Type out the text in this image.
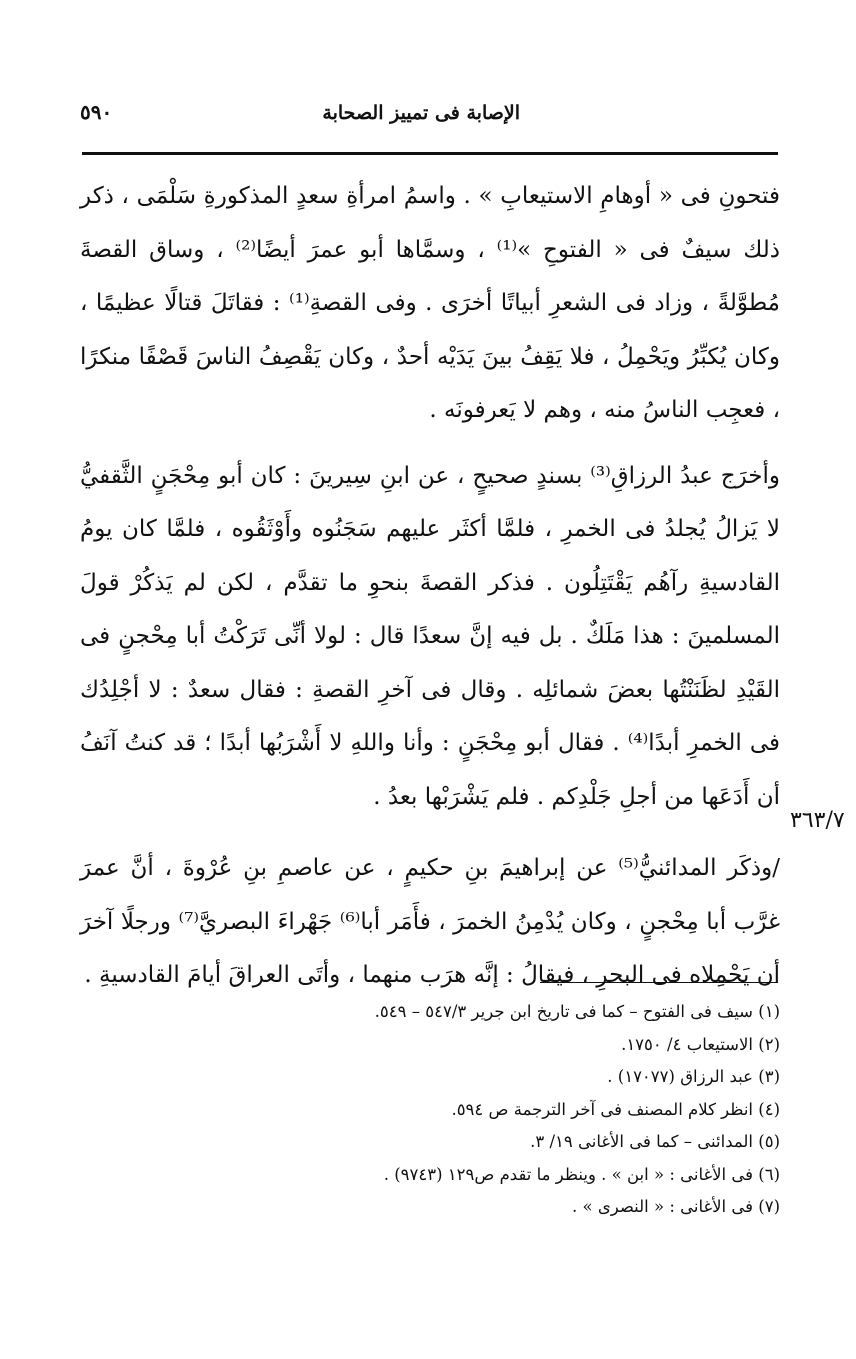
الإصابة فى تمييز الصحابة
٥٩٠

فتحونِ فى « أوهامِ الاستيعابِ » . واسمُ امرأةِ سعدٍ المذكورةِ سَلْمَى ، ذكر ذلك سيفٌ فى « الفتوحِ »⁽¹⁾ ، وسمَّاها أبو عمرَ أيضًا⁽²⁾ ، وساق القصةَ مُطوَّلةً ، وزاد فى الشعرِ أبياتًا أخرَى . وفى القصةِ⁽¹⁾ : فقاتَلَ قتالًا عظيمًا ، وكان يُكبِّرُ ويَحْمِلُ ، فلا يَقِفُ بينَ يَدَيْه أحدٌ ، وكان يَقْصِفُ الناسَ قَصْفًا منكرًا ، فعجِب الناسُ منه ، وهم لا يَعرفونَه .

وأخرَج عبدُ الرزاقِ⁽³⁾ بسندٍ صحيحٍ ، عن ابنِ سِيرينَ : كان أبو مِحْجَنٍ الثَّقفيُّ لا يَزالُ يُجلدُ فى الخمرِ ، فلمَّا أكثَر عليهم سَجَنُوه وأَوْثَقُوه ، فلمَّا كان يومُ القادسيةِ رآهُم يَقْتَتِلُون . فذكر القصةَ بنحوِ ما تقدَّم ، لكن لم يَذكُرْ قولَ المسلمينَ : هذا مَلَكٌ . بل فيه إنَّ سعدًا قال : لولا أنِّى تَرَكْتُ أبا مِحْجنٍ فى القَيْدِ لظَنَنْتُها بعضَ شمائلِه . وقال فى آخرِ القصةِ : فقال سعدٌ : لا أجْلِدُك فى الخمرِ أبدًا⁽⁴⁾ . فقال أبو مِحْجَنٍ : وأنا واللهِ لا أَشْرَبُها أبدًا ؛ قد كنتُ آنَفُ أن أَدَعَها من أجلِ جَلْدِكم . فلم يَشْرَبْها بعدُ .

/وذكَر المدائنيُّ⁽⁵⁾ عن إبراهيمَ بنِ حكيمٍ ، عن عاصمِ بنِ عُرْوةَ ، أنَّ عمرَ غرَّب أبا مِحْجنٍ ، وكان يُدْمِنُ الخمرَ ، فأَمَر أبا⁽⁶⁾ جَهْراءَ البصريَّ⁽⁷⁾ ورجلًا آخرَ أن يَحْمِلاه فى البحرِ ، فيقالُ : إنَّه هرَب منهما ، وأتَى العراقَ أيامَ القادسيةِ .

٣٦٣/٧
(١) سيف فى الفتوح – كما فى تاريخ ابن جرير ٥٤٧/٣ – ٥٤٩.
(٢) الاستيعاب ٤/ ١٧٥٠.
(٣) عبد الرزاق (١٧٠٧٧) .
(٤) انظر كلام المصنف فى آخر الترجمة ص ٥٩٤.
(٥) المدائنى – كما فى الأغانى ١٩/ ٣.
(٦) فى الأغانى : « ابن » . وينظر ما تقدم ص١٢٩ (٩٧٤٣) .
(٧) فى الأغانى : « النصرى » .
